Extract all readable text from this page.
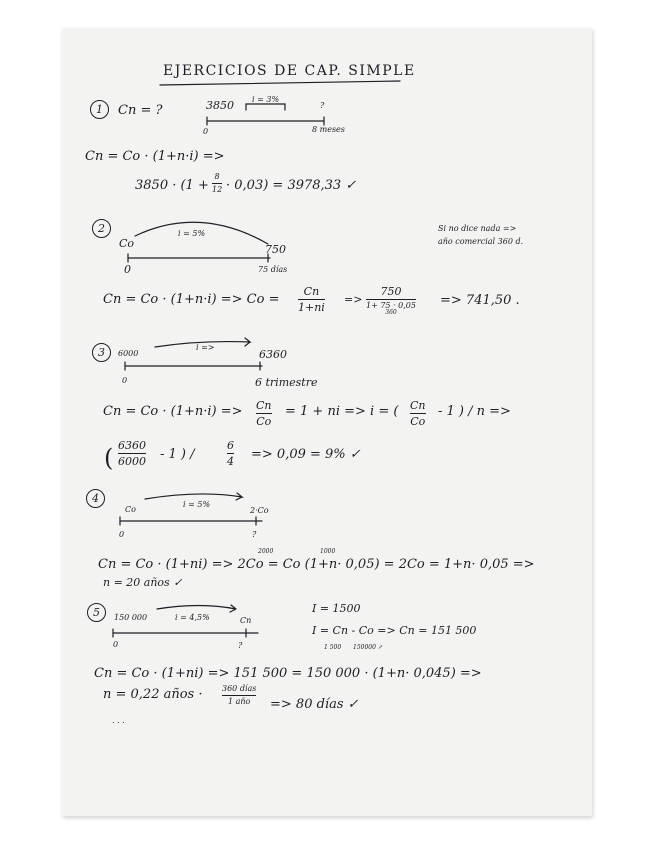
EJERCICIOS DE CAP. SIMPLE
1	Cn = ?	3850 i = 3%
?
0	8 meses
Cn = Co · (1+n·i) =>
3850 · (1 +
8
12 · 0,03) = 3978,33 ✓
2
Co
i = 5%
750
0	75 días
Si no dice nada =>
año comercial 360 d.
Cn = Co · (1+n·i) => Co =
Cn
1+ni
=>
750
1+ 75 · 0,05
360
=> 741,50 .
3	6000
i =>
6360
0	6 trimestre
Cn = Co · (1+n·i) => Cn
Co
= 1 + ni => i = ( Cn
Co
- 1 ) / n =>
( 6360
6000 - 1 ) /
6
4 => 0,09 = 9% ✓
4
Co
i = 5%
2·Co
0	?
2000	1000
Cn = Co · (1+ni) => 2Co = Co (1+n· 0,05) = 2Co = 1+n· 0,05 =>
n = 20 años ✓
5	150 000	i = 4,5%	Cn
0	?
I = 1500
I = Cn - Co => Cn = 151 500
1 500 150000 ↗
Cn = Co · (1+ni) => 151 500 = 150 000 · (1+n· 0,045) =>
n = 0,22 años · 360 días
1 año => 80 días ✓
. . .
